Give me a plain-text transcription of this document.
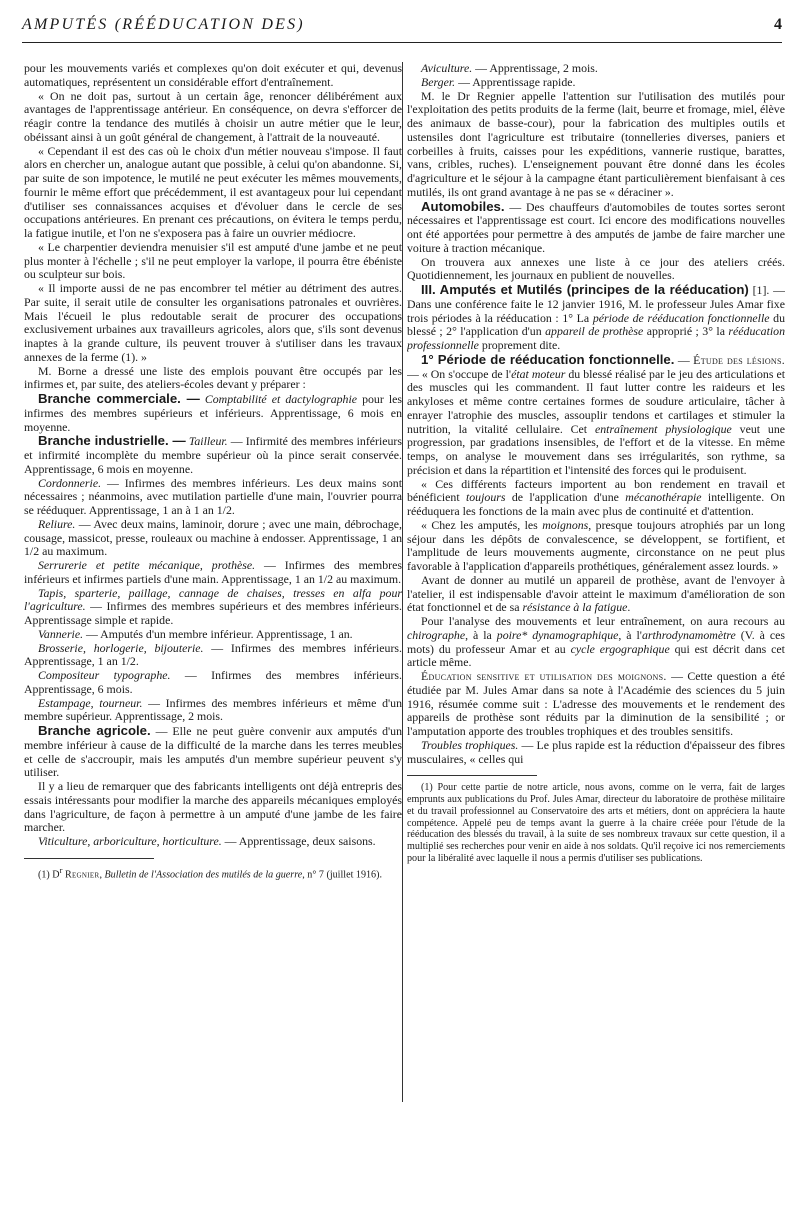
AMPUTÉS (RÉÉDUCATION DES)	4

pour les mouvements variés et complexes qu'on doit exécuter et qui, devenus automatiques, représentent un considérable effort d'entraînement.

« On ne doit pas, surtout à un certain âge, renoncer délibérément aux avantages de l'apprentissage antérieur. En conséquence, on devra s'efforcer de réagir contre la tendance des mutilés à choisir un autre métier que le leur, obéissant ainsi à un goût général de changement, à l'attrait de la nouveauté.

« Cependant il est des cas où le choix d'un métier nouveau s'impose. Il faut alors en chercher un, analogue autant que possible, à celui qu'on abandonne. Si, par suite de son impotence, le mutilé ne peut exécuter les mêmes mouvements, fournir le même effort que précédemment, il est avantageux pour lui cependant d'utiliser ses connaissances acquises et d'évoluer dans le cercle de ses occupations antérieures. En prenant ces précautions, on évitera le temps perdu, la fatigue inutile, et l'on ne s'exposera pas à faire un ouvrier médiocre.

« Le charpentier deviendra menuisier s'il est amputé d'une jambe et ne peut plus monter à l'échelle ; s'il ne peut employer la varlope, il pourra être ébéniste ou sculpteur sur bois.

« Il importe aussi de ne pas encombrer tel métier au détriment des autres. Par suite, il serait utile de consulter les organisations patronales et ouvrières. Mais l'écueil le plus redoutable serait de procurer des occupations exclusivement urbaines aux travailleurs agricoles, alors que, s'ils sont devenus inaptes à la grande culture, ils peuvent trouver à s'utiliser dans les travaux annexes de la ferme (1). »

M. Borne a dressé une liste des emplois pouvant être occupés par les infirmes et, par suite, des ateliers-écoles devant y préparer :

Branche commerciale. — Comptabilité et dactylographie pour les infirmes des membres supérieurs et inférieurs. Apprentissage, 6 mois en moyenne.

Branche industrielle. — Tailleur. — Infirmité des membres inférieurs et infirmité incomplète du membre supérieur où la pince serait conservée. Apprentissage, 6 mois en moyenne.

Cordonnerie. — Infirmes des membres inférieurs. Les deux mains sont nécessaires ; néanmoins, avec mutilation partielle d'une main, l'ouvrier pourra se rééduquer. Apprentissage, 1 an à 1 an 1/2.

Reliure. — Avec deux mains, laminoir, dorure ; avec une main, débrochage, cousage, massicot, presse, rouleaux ou machine à endosser. Apprentissage, 1 an 1/2 au maximum.

Serrurerie et petite mécanique, prothèse. — Infirmes des membres inférieurs et infirmes partiels d'une main. Apprentissage, 1 an 1/2 au maximum.

Tapis, sparterie, paillage, cannage de chaises, tresses en alfa pour l'agriculture. — Infirmes des membres supérieurs et des membres inférieurs. Apprentissage simple et rapide.

Vannerie. — Amputés d'un membre inférieur. Apprentissage, 1 an.

Brosserie, horlogerie, bijouterie. — Infirmes des membres inférieurs. Apprentissage, 1 an 1/2.

Compositeur typographe. — Infirmes des membres inférieurs. Apprentissage, 6 mois.

Estampage, tourneur. — Infirmes des membres inférieurs et même d'un membre supérieur. Apprentissage, 2 mois.

Branche agricole. — Elle ne peut guère convenir aux amputés d'un membre inférieur à cause de la difficulté de la marche dans les terres meubles et celle de s'accroupir, mais les amputés d'un membre supérieur peuvent s'y utiliser.

Il y a lieu de remarquer que des fabricants intelligents ont déjà entrepris des essais intéressants pour modifier la marche des appareils mécaniques employés dans l'agriculture, de façon à permettre à un amputé d'une jambe de les faire marcher.

Viticulture, arboriculture, horticulture. — Apprentissage, deux saisons.

(1) $D^r$ Regnier, Bulletin de l'Association des mutilés de la guerre, n° 7 (juillet 1916).

Aviculture. — Apprentissage, 2 mois.

Berger. — Apprentissage rapide.

M. le Dr Regnier appelle l'attention sur l'utilisation des mutilés pour l'exploitation des petits produits de la ferme (lait, beurre et fromage, miel, élève des animaux de basse-cour), pour la fabrication des multiples outils et ustensiles dont l'agriculture est tributaire (tonnelleries diverses, paniers et corbeilles à fruits, caisses pour les expéditions, vannerie rustique, barattes, vans, cribles, ruches). L'enseignement pouvant être donné dans les écoles d'agriculture et le séjour à la campagne étant particulièrement bienfaisant à ces mutilés, ils ont grand avantage à ne pas se « déraciner ».

Automobiles. — Des chauffeurs d'automobiles de toutes sortes seront nécessaires et l'apprentissage est court. Ici encore des modifications nouvelles ont été apportées pour permettre à des amputés de jambe de faire marcher une voiture à traction mécanique.

On trouvera aux annexes une liste à ce jour des ateliers créés. Quotidiennement, les journaux en publient de nouvelles.

III. Amputés et Mutilés (principes de la rééducation) [1]. — Dans une conférence faite le 12 janvier 1916, M. le professeur Jules Amar fixe trois périodes à la rééducation : 1° La période de rééducation fonctionnelle du blessé ; 2° l'application d'un appareil de prothèse approprié ; 3° la rééducation professionnelle proprement dite.

1° Période de rééducation fonctionnelle. — Étude des lésions. — « On s'occupe de l'état moteur du blessé réalisé par le jeu des articulations et des muscles qui les commandent. Il faut lutter contre les raideurs et les ankyloses et même contre certaines formes de soudure articulaire, tâcher à enrayer l'atrophie des muscles, assouplir tendons et cartilages et stimuler la nutrition, la vitalité cellulaire. Cet entraînement physiologique veut une progression, par gradations insensibles, de l'effort et de la vitesse. En même temps, on analyse le mouvement dans ses irrégularités, son rythme, sa précision et dans la répartition et l'intensité des forces qui le produisent.

« Ces différents facteurs importent au bon rendement en travail et bénéficient toujours de l'application d'une mécanothérapie intelligente. On rééduquera les fonctions de la main avec plus de continuité et d'attention.

« Chez les amputés, les moignons, presque toujours atrophiés par un long séjour dans les dépôts de convalescence, se développent, se fortifient, et l'amplitude de leurs mouvements augmente, circonstance on ne peut plus favorable à l'application d'appareils prothétiques, généralement assez lourds. »

Avant de donner au mutilé un appareil de prothèse, avant de l'envoyer à l'atelier, il est indispensable d'avoir atteint le maximum d'amélioration de son état fonctionnel et de sa résistance à la fatigue.

Pour l'analyse des mouvements et leur entraînement, on aura recours au chirographe, à la poire* dynamographique, à l'arthrodynamomètre (V. à ces mots) du professeur Amar et au cycle ergographique qui est décrit dans cet article même.

Éducation sensitive et utilisation des moignons. — Cette question a été étudiée par M. Jules Amar dans sa note à l'Académie des sciences du 5 juin 1916, résumée comme suit : L'adresse des mouvements et le rendement des appareils de prothèse sont réduits par la diminution de la sensibilité ; or l'amputation apporte des troubles trophiques et des troubles sensitifs.

Troubles trophiques. — Le plus rapide est la réduction d'épaisseur des fibres musculaires, « celles qui

(1) Pour cette partie de notre article, nous avons, comme on le verra, fait de larges emprunts aux publications du Prof. Jules Amar, directeur du laboratoire de prothèse militaire et du travail professionnel au Conservatoire des arts et métiers, dont on appréciera la haute compétence. Appelé peu de temps avant la guerre à la chaire créée pour l'étude de la rééducation des blessés du travail, à la suite de ses nombreux travaux sur cette question, il a multiplié ses recherches pour venir en aide à nos soldats. Qu'il reçoive ici nos remerciements pour la libéralité avec laquelle il nous a permis d'utiliser ses publications.
